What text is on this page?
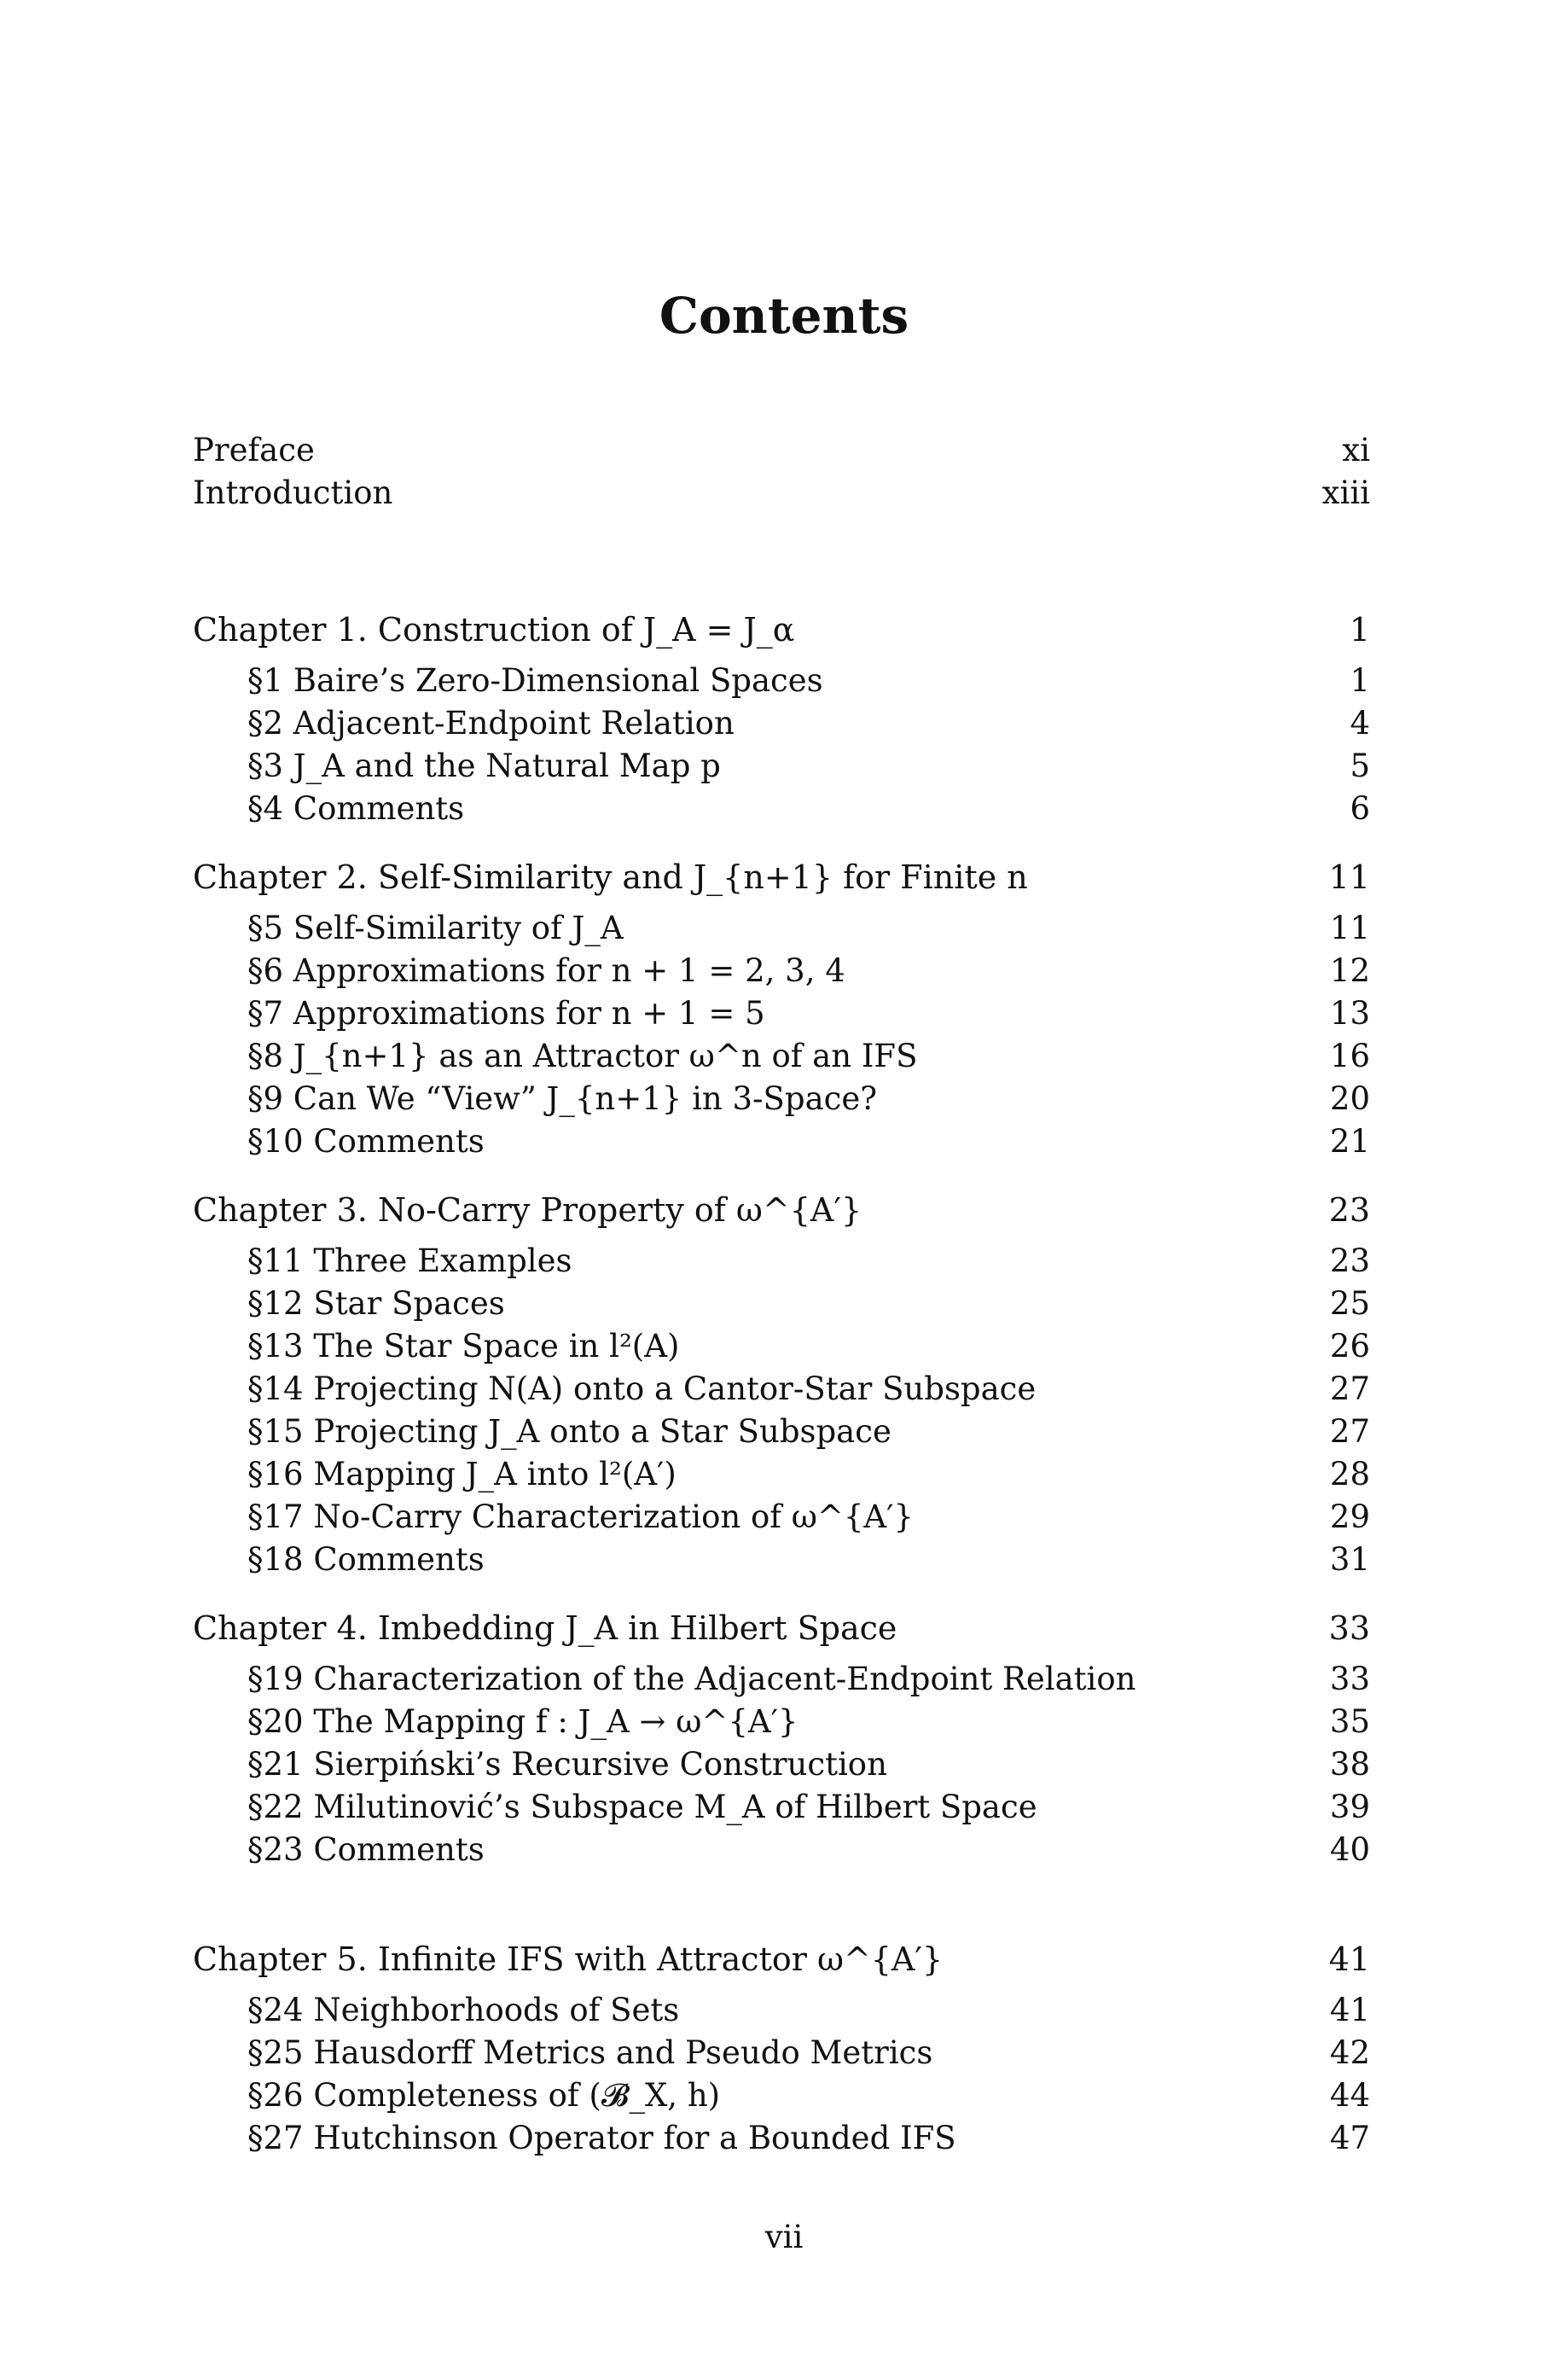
Contents
Preface	xi
Introduction	xiii
Chapter 1. Construction of J_A = J_α	1
§1 Baire’s Zero-Dimensional Spaces	1
§2 Adjacent-Endpoint Relation	4
§3 J_A and the Natural Map p	5
§4 Comments	6
Chapter 2. Self-Similarity and J_{n+1} for Finite n	11
§5 Self-Similarity of J_A	11
§6 Approximations for n + 1 = 2, 3, 4	12
§7 Approximations for n + 1 = 5	13
§8 J_{n+1} as an Attractor ω^n of an IFS	16
§9 Can We “View” J_{n+1} in 3-Space?	20
§10 Comments	21
Chapter 3. No-Carry Property of ω^{A′}	23
§11 Three Examples	23
§12 Star Spaces	25
§13 The Star Space in l²(A)	26
§14 Projecting N(A) onto a Cantor-Star Subspace	27
§15 Projecting J_A onto a Star Subspace	27
§16 Mapping J_A into l²(A′)	28
§17 No-Carry Characterization of ω^{A′}	29
§18 Comments	31
Chapter 4. Imbedding J_A in Hilbert Space	33
§19 Characterization of the Adjacent-Endpoint Relation	33
§20 The Mapping f : J_A → ω^{A′}	35
§21 Sierpiński’s Recursive Construction	38
§22 Milutinović’s Subspace M_A of Hilbert Space	39
§23 Comments	40
Chapter 5. Infinite IFS with Attractor ω^{A′}	41
§24 Neighborhoods of Sets	41
§25 Hausdorff Metrics and Pseudo Metrics	42
§26 Completeness of (𝓑_X, h)	44
§27 Hutchinson Operator for a Bounded IFS	47
vii
